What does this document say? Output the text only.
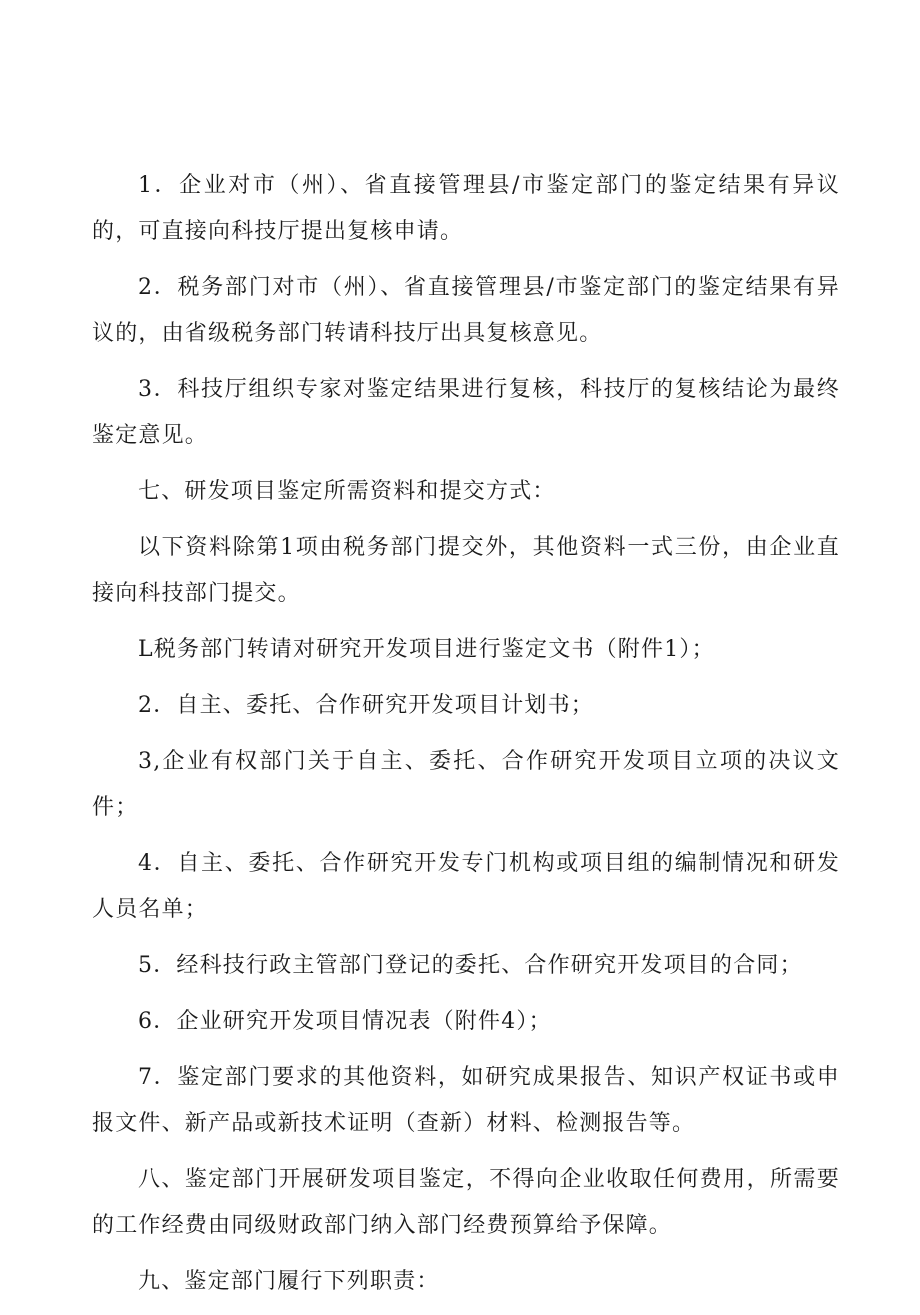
1．企业对市（州）、省直接管理县/市鉴定部门的鉴定结果有异议的，可直接向科技厅提出复核申请。

2．税务部门对市（州）、省直接管理县/市鉴定部门的鉴定结果有异议的，由省级税务部门转请科技厅出具复核意见。

3．科技厅组织专家对鉴定结果进行复核，科技厅的复核结论为最终鉴定意见。

七、研发项目鉴定所需资料和提交方式：

以下资料除第1项由税务部门提交外，其他资料一式三份，由企业直接向科技部门提交。

L税务部门转请对研究开发项目进行鉴定文书（附件1）；

2．自主、委托、合作研究开发项目计划书；

3,企业有权部门关于自主、委托、合作研究开发项目立项的决议文件；

4．自主、委托、合作研究开发专门机构或项目组的编制情况和研发人员名单；

5．经科技行政主管部门登记的委托、合作研究开发项目的合同；

6．企业研究开发项目情况表（附件4）；

7．鉴定部门要求的其他资料，如研究成果报告、知识产权证书或申报文件、新产品或新技术证明（查新）材料、检测报告等。

八、鉴定部门开展研发项目鉴定，不得向企业收取任何费用，所需要的工作经费由同级财政部门纳入部门经费预算给予保障。

九、鉴定部门履行下列职责：
